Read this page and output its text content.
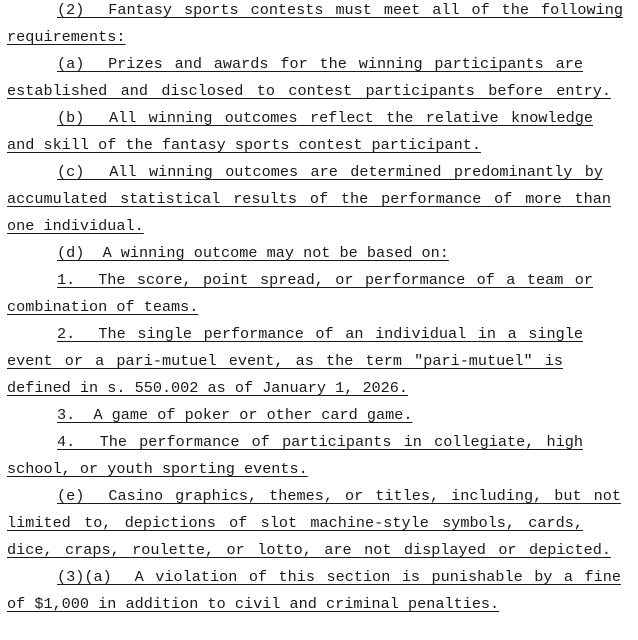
(2)  Fantasy sports contests must meet all of the following
requirements:
(a)  Prizes and awards for the winning participants are
established and disclosed to contest participants before entry.
(b)  All winning outcomes reflect the relative knowledge
and skill of the fantasy sports contest participant.
(c)  All winning outcomes are determined predominantly by
accumulated statistical results of the performance of more than
one individual.
(d)  A winning outcome may not be based on:
1.  The score, point spread, or performance of a team or
combination of teams.
2.  The single performance of an individual in a single
event or a pari-mutuel event, as the term "pari-mutuel" is
defined in s. 550.002 as of January 1, 2026.
3.  A game of poker or other card game.
4.  The performance of participants in collegiate, high
school, or youth sporting events.
(e)  Casino graphics, themes, or titles, including, but not
limited to, depictions of slot machine-style symbols, cards,
dice, craps, roulette, or lotto, are not displayed or depicted.
(3)(a)  A violation of this section is punishable by a fine
of $1,000 in addition to civil and criminal penalties.
